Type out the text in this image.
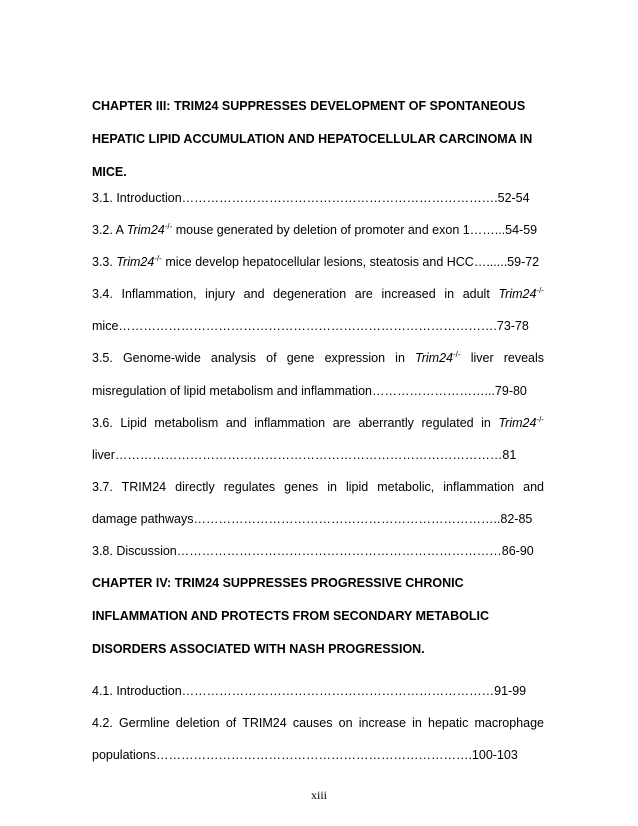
CHAPTER III: TRIM24 SUPPRESSES DEVELOPMENT OF SPONTANEOUS
HEPATIC LIPID ACCUMULATION AND HEPATOCELLULAR CARCINOMA IN
MICE.
3.1. Introduction………………………………………………………………….52-54
3.2. A Trim24-/- mouse generated by deletion of promoter and exon 1……...54-59
3.3. Trim24-/- mice develop hepatocellular lesions, steatosis and HCC…......59-72
3.4. Inflammation, injury and degeneration are increased in adult Trim24-/-
mice……………………………………………………………………………….73-78
3.5. Genome-wide analysis of gene expression in Trim24-/- liver reveals
misregulation of lipid metabolism and inflammation………………………...79-80
3.6. Lipid metabolism and inflammation are aberrantly regulated in Trim24-/-
liver…………………………………………………………………………………81
3.7. TRIM24 directly regulates genes in lipid metabolic, inflammation and
damage pathways………………………………………………………………..82-85
3.8. Discussion……………………………………………………………………86-90
CHAPTER IV: TRIM24 SUPPRESSES PROGRESSIVE CHRONIC
INFLAMMATION AND PROTECTS FROM SECONDARY METABOLIC
DISORDERS ASSOCIATED WITH NASH PROGRESSION.
4.1. Introduction…………………………………………………………………91-99
4.2. Germline deletion of TRIM24 causes on increase in hepatic macrophage
populations………………………………………………………………….100-103
xiii
